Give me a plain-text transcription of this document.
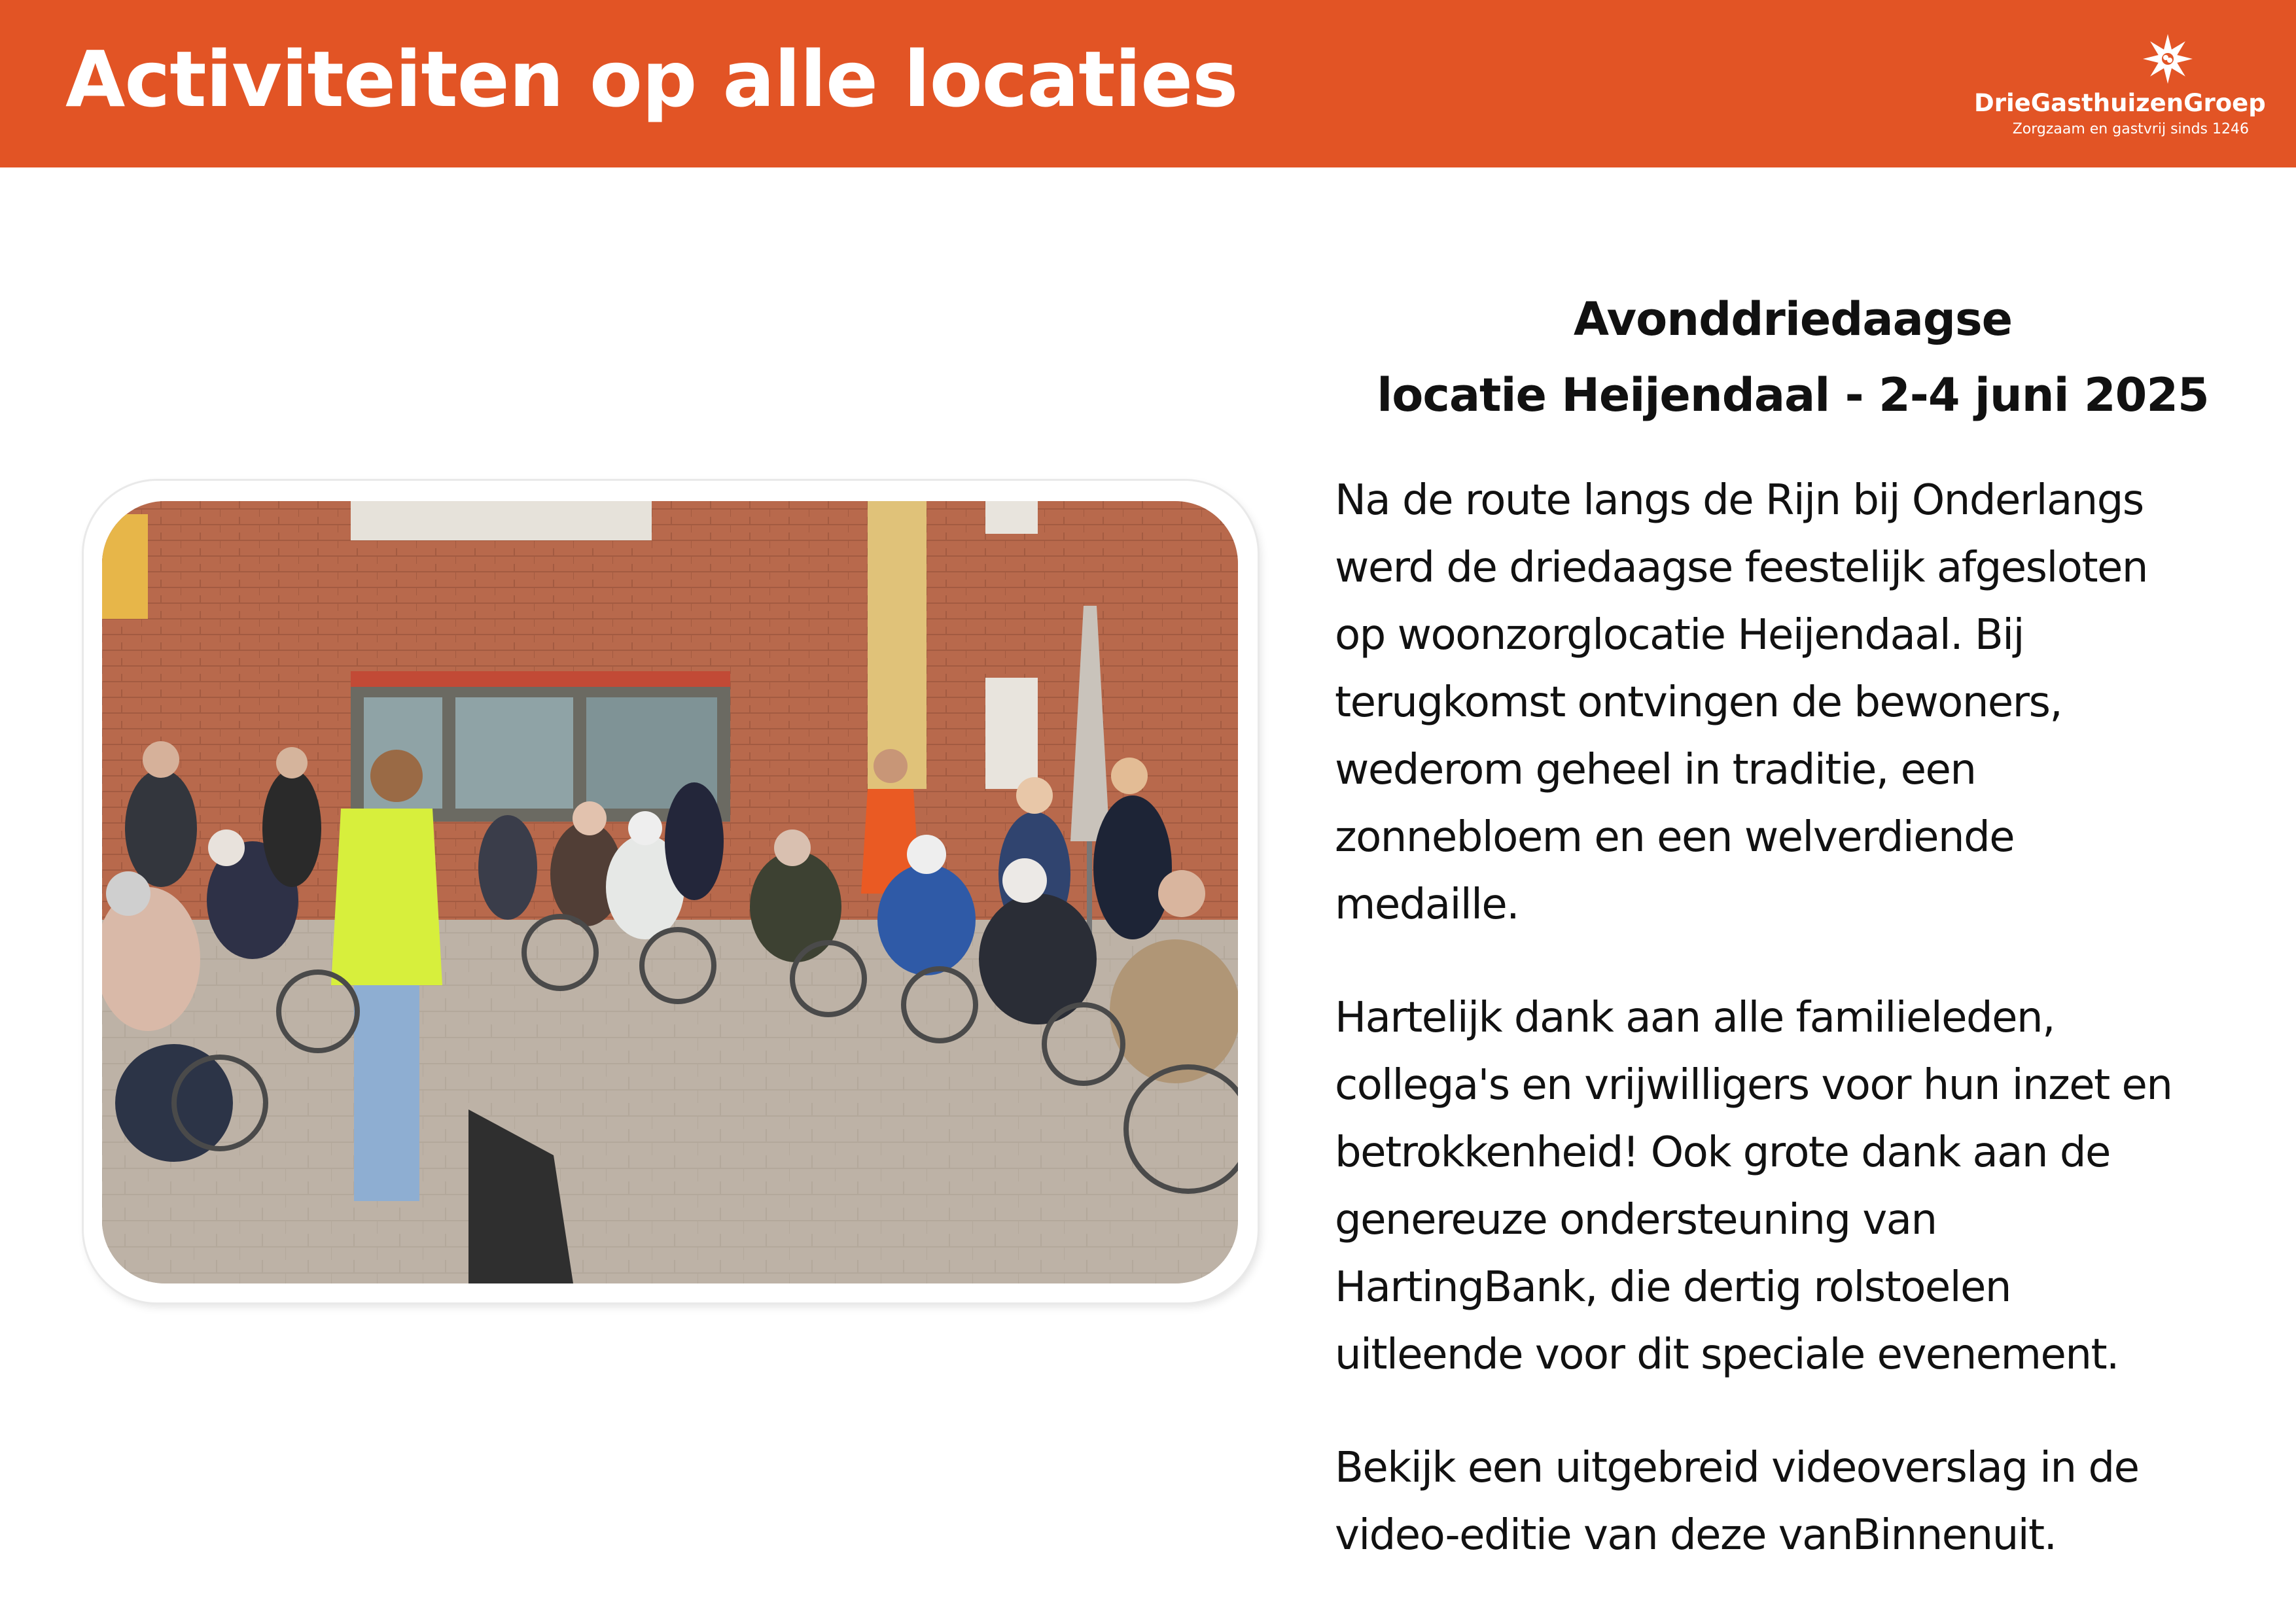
Activiteiten op alle locaties	DrieGasthuizenGroep
Zorgzaam en gastvrij sinds 1246
Avonddriedaagse
locatie Heijendaal - 2-4 juni 2025

Na de route langs de Rijn bij Onderlangs
werd de driedaagse feestelijk afgesloten
op woonzorglocatie Heijendaal. Bij
terugkomst ontvingen de bewoners,
wederom geheel in traditie, een
zonnebloem en een welverdiende
medaille.

Hartelijk dank aan alle familieleden,
collega's en vrijwilligers voor hun inzet en
betrokkenheid! Ook grote dank aan de
genereuze ondersteuning van
HartingBank, die dertig rolstoelen
uitleende voor dit speciale evenement.

Bekijk een uitgebreid videoverslag in de
video-editie van deze vanBinnenuit.
